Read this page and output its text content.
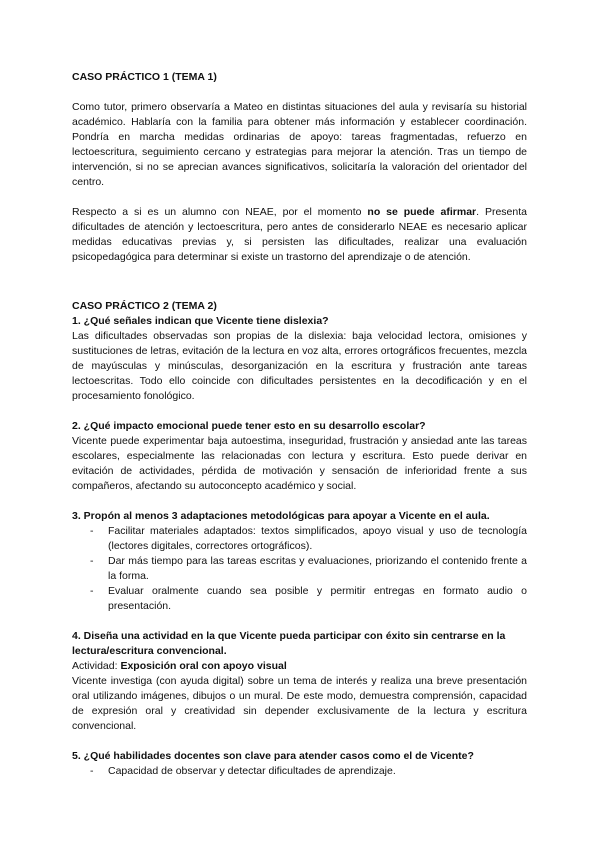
CASO PRÁCTICO 1 (TEMA 1)

Como tutor, primero observaría a Mateo en distintas situaciones del aula y revisaría su historial académico. Hablaría con la familia para obtener más información y establecer coordinación. Pondría en marcha medidas ordinarias de apoyo: tareas fragmentadas, refuerzo en lectoescritura, seguimiento cercano y estrategias para mejorar la atención. Tras un tiempo de intervención, si no se aprecian avances significativos, solicitaría la valoración del orientador del centro.

Respecto a si es un alumno con NEAE, por el momento no se puede afirmar. Presenta dificultades de atención y lectoescritura, pero antes de considerarlo NEAE es necesario aplicar medidas educativas previas y, si persisten las dificultades, realizar una evaluación psicopedagógica para determinar si existe un trastorno del aprendizaje o de atención.

CASO PRÁCTICO 2 (TEMA 2)

1. ¿Qué señales indican que Vicente tiene dislexia?

Las dificultades observadas son propias de la dislexia: baja velocidad lectora, omisiones y sustituciones de letras, evitación de la lectura en voz alta, errores ortográficos frecuentes, mezcla de mayúsculas y minúsculas, desorganización en la escritura y frustración ante tareas lectoescritas. Todo ello coincide con dificultades persistentes en la decodificación y en el procesamiento fonológico.

2. ¿Qué impacto emocional puede tener esto en su desarrollo escolar?

Vicente puede experimentar baja autoestima, inseguridad, frustración y ansiedad ante las tareas escolares, especialmente las relacionadas con lectura y escritura. Esto puede derivar en evitación de actividades, pérdida de motivación y sensación de inferioridad frente a sus compañeros, afectando su autoconcepto académico y social.

3. Propón al menos 3 adaptaciones metodológicas para apoyar a Vicente en el aula.

- Facilitar materiales adaptados: textos simplificados, apoyo visual y uso de tecnología (lectores digitales, correctores ortográficos).
- Dar más tiempo para las tareas escritas y evaluaciones, priorizando el contenido frente a la forma.
- Evaluar oralmente cuando sea posible y permitir entregas en formato audio o presentación.

4. Diseña una actividad en la que Vicente pueda participar con éxito sin centrarse en la lectura/escritura convencional.

Actividad: Exposición oral con apoyo visual

Vicente investiga (con ayuda digital) sobre un tema de interés y realiza una breve presentación oral utilizando imágenes, dibujos o un mural. De este modo, demuestra comprensión, capacidad de expresión oral y creatividad sin depender exclusivamente de la lectura y escritura convencional.

5. ¿Qué habilidades docentes son clave para atender casos como el de Vicente?

- Capacidad de observar y detectar dificultades de aprendizaje.
